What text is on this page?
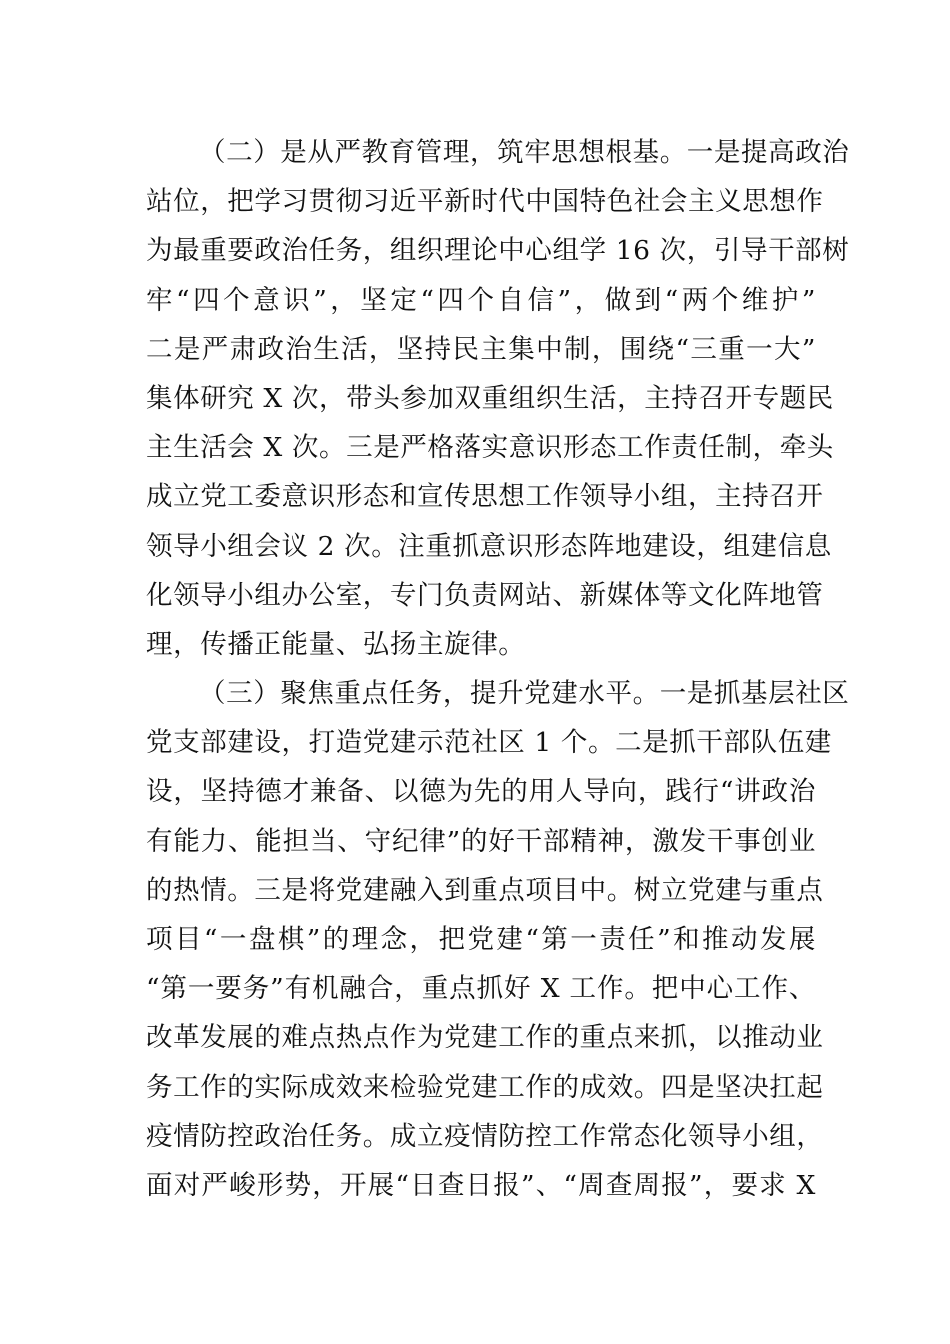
（二）是从严教育管理，筑牢思想根基。一是提高政治
站位，把学习贯彻习近平新时代中国特色社会主义思想作
为最重要政治任务，组织理论中心组学 16 次，引导干部树
牢“四个意识”，坚定“四个自信”，做到“两个维护”
二是严肃政治生活，坚持民主集中制，围绕“三重一大”
集体研究 X 次，带头参加双重组织生活，主持召开专题民
主生活会 X 次。三是严格落实意识形态工作责任制，牵头
成立党工委意识形态和宣传思想工作领导小组，主持召开
领导小组会议 2 次。注重抓意识形态阵地建设，组建信息
化领导小组办公室，专门负责网站、新媒体等文化阵地管
理，传播正能量、弘扬主旋律。
（三）聚焦重点任务，提升党建水平。一是抓基层社区
党支部建设，打造党建示范社区 1 个。二是抓干部队伍建
设，坚持德才兼备、以德为先的用人导向，践行“讲政治
有能力、能担当、守纪律”的好干部精神，激发干事创业
的热情。三是将党建融入到重点项目中。树立党建与重点
项目“一盘棋”的理念，把党建“第一责任”和推动发展
“第一要务”有机融合，重点抓好 X 工作。把中心工作、
改革发展的难点热点作为党建工作的重点来抓，以推动业
务工作的实际成效来检验党建工作的成效。四是坚决扛起
疫情防控政治任务。成立疫情防控工作常态化领导小组，
面对严峻形势，开展“日查日报”、“周查周报”，要求 X
